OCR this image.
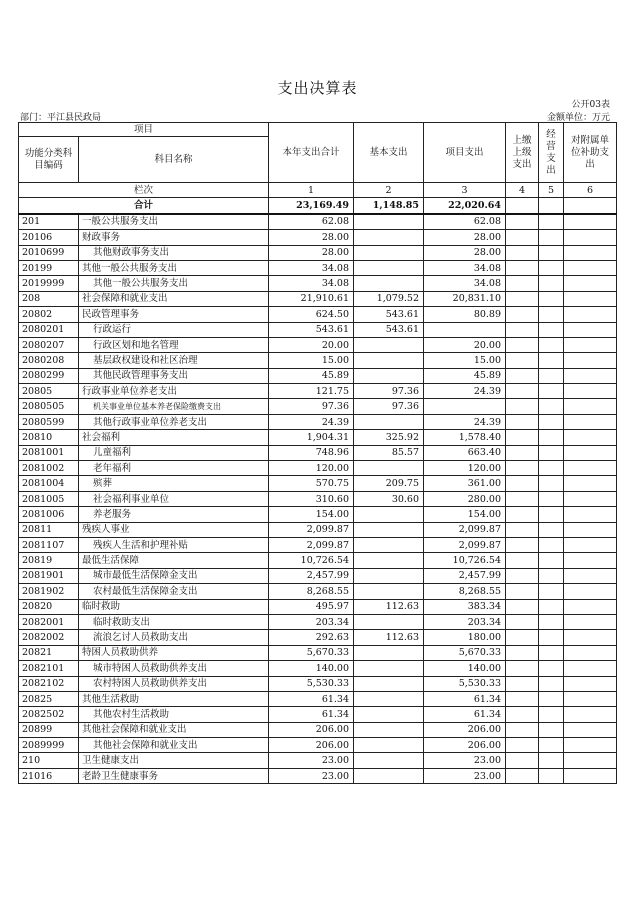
支出决算表
公开03表
部门：平江县民政局	金额单位：万元
项目		本年支出合计	基本支出	项目支出	上缴上级支出	经营支出	对附属单位补助支出
功能分类科目编码	科目名称						
栏次		1	2	3	4	5	6
合计		23,169.49	1,148.85	22,020.64			
201	一般公共服务支出	62.08		62.08			
20106	财政事务	28.00		28.00			
2010699	其他财政事务支出	28.00		28.00			
20199	其他一般公共服务支出	34.08		34.08			
2019999	其他一般公共服务支出	34.08		34.08			
208	社会保障和就业支出	21,910.61	1,079.52	20,831.10			
20802	民政管理事务	624.50	543.61	80.89			
2080201	行政运行	543.61	543.61				
2080207	行政区划和地名管理	20.00		20.00			
2080208	基层政权建设和社区治理	15.00		15.00			
2080299	其他民政管理事务支出	45.89		45.89			
20805	行政事业单位养老支出	121.75	97.36	24.39			
2080505	机关事业单位基本养老保险缴费支出	97.36	97.36				
2080599	其他行政事业单位养老支出	24.39		24.39			
20810	社会福利	1,904.31	325.92	1,578.40			
2081001	儿童福利	748.96	85.57	663.40			
2081002	老年福利	120.00		120.00			
2081004	殡葬	570.75	209.75	361.00			
2081005	社会福利事业单位	310.60	30.60	280.00			
2081006	养老服务	154.00		154.00			
20811	残疾人事业	2,099.87		2,099.87			
2081107	残疾人生活和护理补贴	2,099.87		2,099.87			
20819	最低生活保障	10,726.54		10,726.54			
2081901	城市最低生活保障金支出	2,457.99		2,457.99			
2081902	农村最低生活保障金支出	8,268.55		8,268.55			
20820	临时救助	495.97	112.63	383.34			
2082001	临时救助支出	203.34		203.34			
2082002	流浪乞讨人员救助支出	292.63	112.63	180.00			
20821	特困人员救助供养	5,670.33		5,670.33			
2082101	城市特困人员救助供养支出	140.00		140.00			
2082102	农村特困人员救助供养支出	5,530.33		5,530.33			
20825	其他生活救助	61.34		61.34			
2082502	其他农村生活救助	61.34		61.34			
20899	其他社会保障和就业支出	206.00		206.00			
2089999	其他社会保障和就业支出	206.00		206.00			
210	卫生健康支出	23.00		23.00			
21016	老龄卫生健康事务	23.00		23.00			
